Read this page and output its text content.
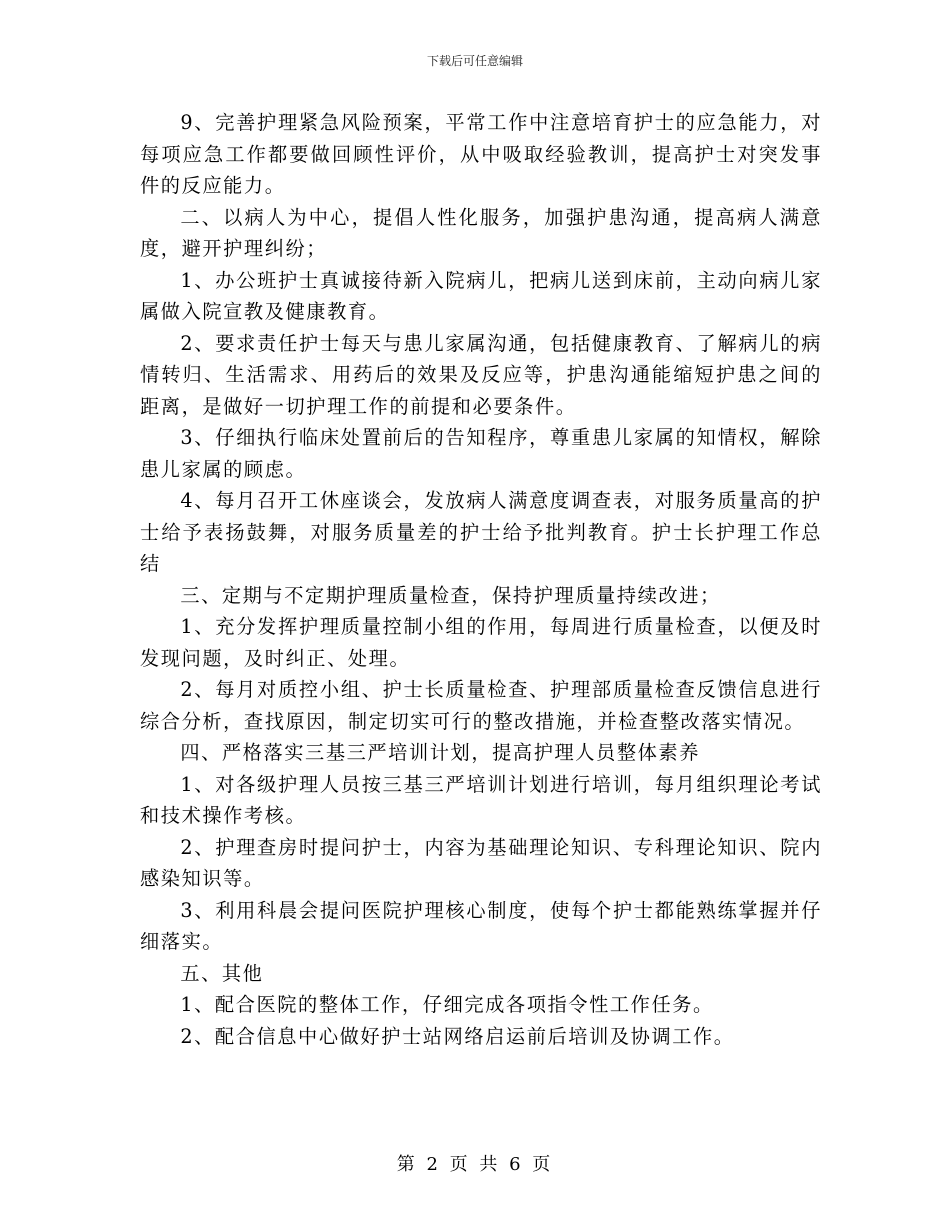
下载后可任意编辑

9、完善护理紧急风险预案，平常工作中注意培育护士的应急能力，对每项应急工作都要做回顾性评价，从中吸取经验教训，提高护士对突发事件的反应能力。

二、以病人为中心，提倡人性化服务，加强护患沟通，提高病人满意度，避开护理纠纷；

1、办公班护士真诚接待新入院病儿，把病儿送到床前，主动向病儿家属做入院宣教及健康教育。

2、要求责任护士每天与患儿家属沟通，包括健康教育、了解病儿的病情转归、生活需求、用药后的效果及反应等，护患沟通能缩短护患之间的距离，是做好一切护理工作的前提和必要条件。

3、仔细执行临床处置前后的告知程序，尊重患儿家属的知情权，解除患儿家属的顾虑。

4、每月召开工休座谈会，发放病人满意度调查表，对服务质量高的护士给予表扬鼓舞，对服务质量差的护士给予批判教育。护士长护理工作总结

三、定期与不定期护理质量检查，保持护理质量持续改进；

1、充分发挥护理质量控制小组的作用，每周进行质量检查，以便及时发现问题，及时纠正、处理。

2、每月对质控小组、护士长质量检查、护理部质量检查反馈信息进行综合分析，查找原因，制定切实可行的整改措施，并检查整改落实情况。

四、严格落实三基三严培训计划，提高护理人员整体素养

1、对各级护理人员按三基三严培训计划进行培训，每月组织理论考试和技术操作考核。

2、护理查房时提问护士，内容为基础理论知识、专科理论知识、院内感染知识等。

3、利用科晨会提问医院护理核心制度，使每个护士都能熟练掌握并仔细落实。

五、其他

1、配合医院的整体工作，仔细完成各项指令性工作任务。

2、配合信息中心做好护士站网络启运前后培训及协调工作。

第 2 页 共 6 页
